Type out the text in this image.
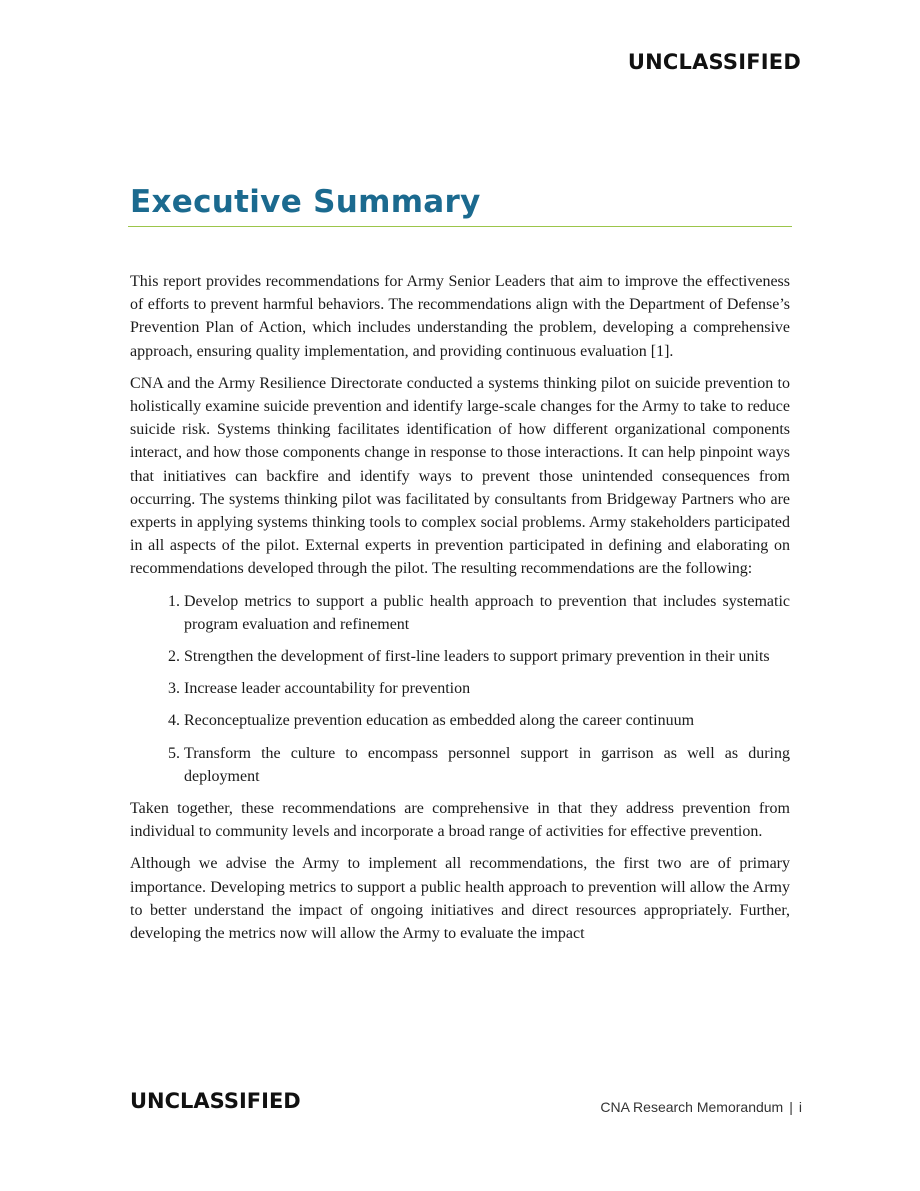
UNCLASSIFIED
Executive Summary

This report provides recommendations for Army Senior Leaders that aim to improve the effectiveness of efforts to prevent harmful behaviors. The recommendations align with the Department of Defense’s Prevention Plan of Action, which includes understanding the problem, developing a comprehensive approach, ensuring quality implementation, and providing continuous evaluation [1].

CNA and the Army Resilience Directorate conducted a systems thinking pilot on suicide prevention to holistically examine suicide prevention and identify large-scale changes for the Army to take to reduce suicide risk. Systems thinking facilitates identification of how different organizational components interact, and how those components change in response to those interactions. It can help pinpoint ways that initiatives can backfire and identify ways to prevent those unintended consequences from occurring. The systems thinking pilot was facilitated by consultants from Bridgeway Partners who are experts in applying systems thinking tools to complex social problems. Army stakeholders participated in all aspects of the pilot. External experts in prevention participated in defining and elaborating on recommendations developed through the pilot. The resulting recommendations are the following:

1. Develop metrics to support a public health approach to prevention that includes systematic program evaluation and refinement
2. Strengthen the development of first-line leaders to support primary prevention in their units
3. Increase leader accountability for prevention
4. Reconceptualize prevention education as embedded along the career continuum
5. Transform the culture to encompass personnel support in garrison as well as during deployment

Taken together, these recommendations are comprehensive in that they address prevention from individual to community levels and incorporate a broad range of activities for effective prevention.

Although we advise the Army to implement all recommendations, the first two are of primary importance. Developing metrics to support a public health approach to prevention will allow the Army to better understand the impact of ongoing initiatives and direct resources appropriately. Further, developing the metrics now will allow the Army to evaluate the impact

UNCLASSIFIED	CNA Research Memorandum | i
